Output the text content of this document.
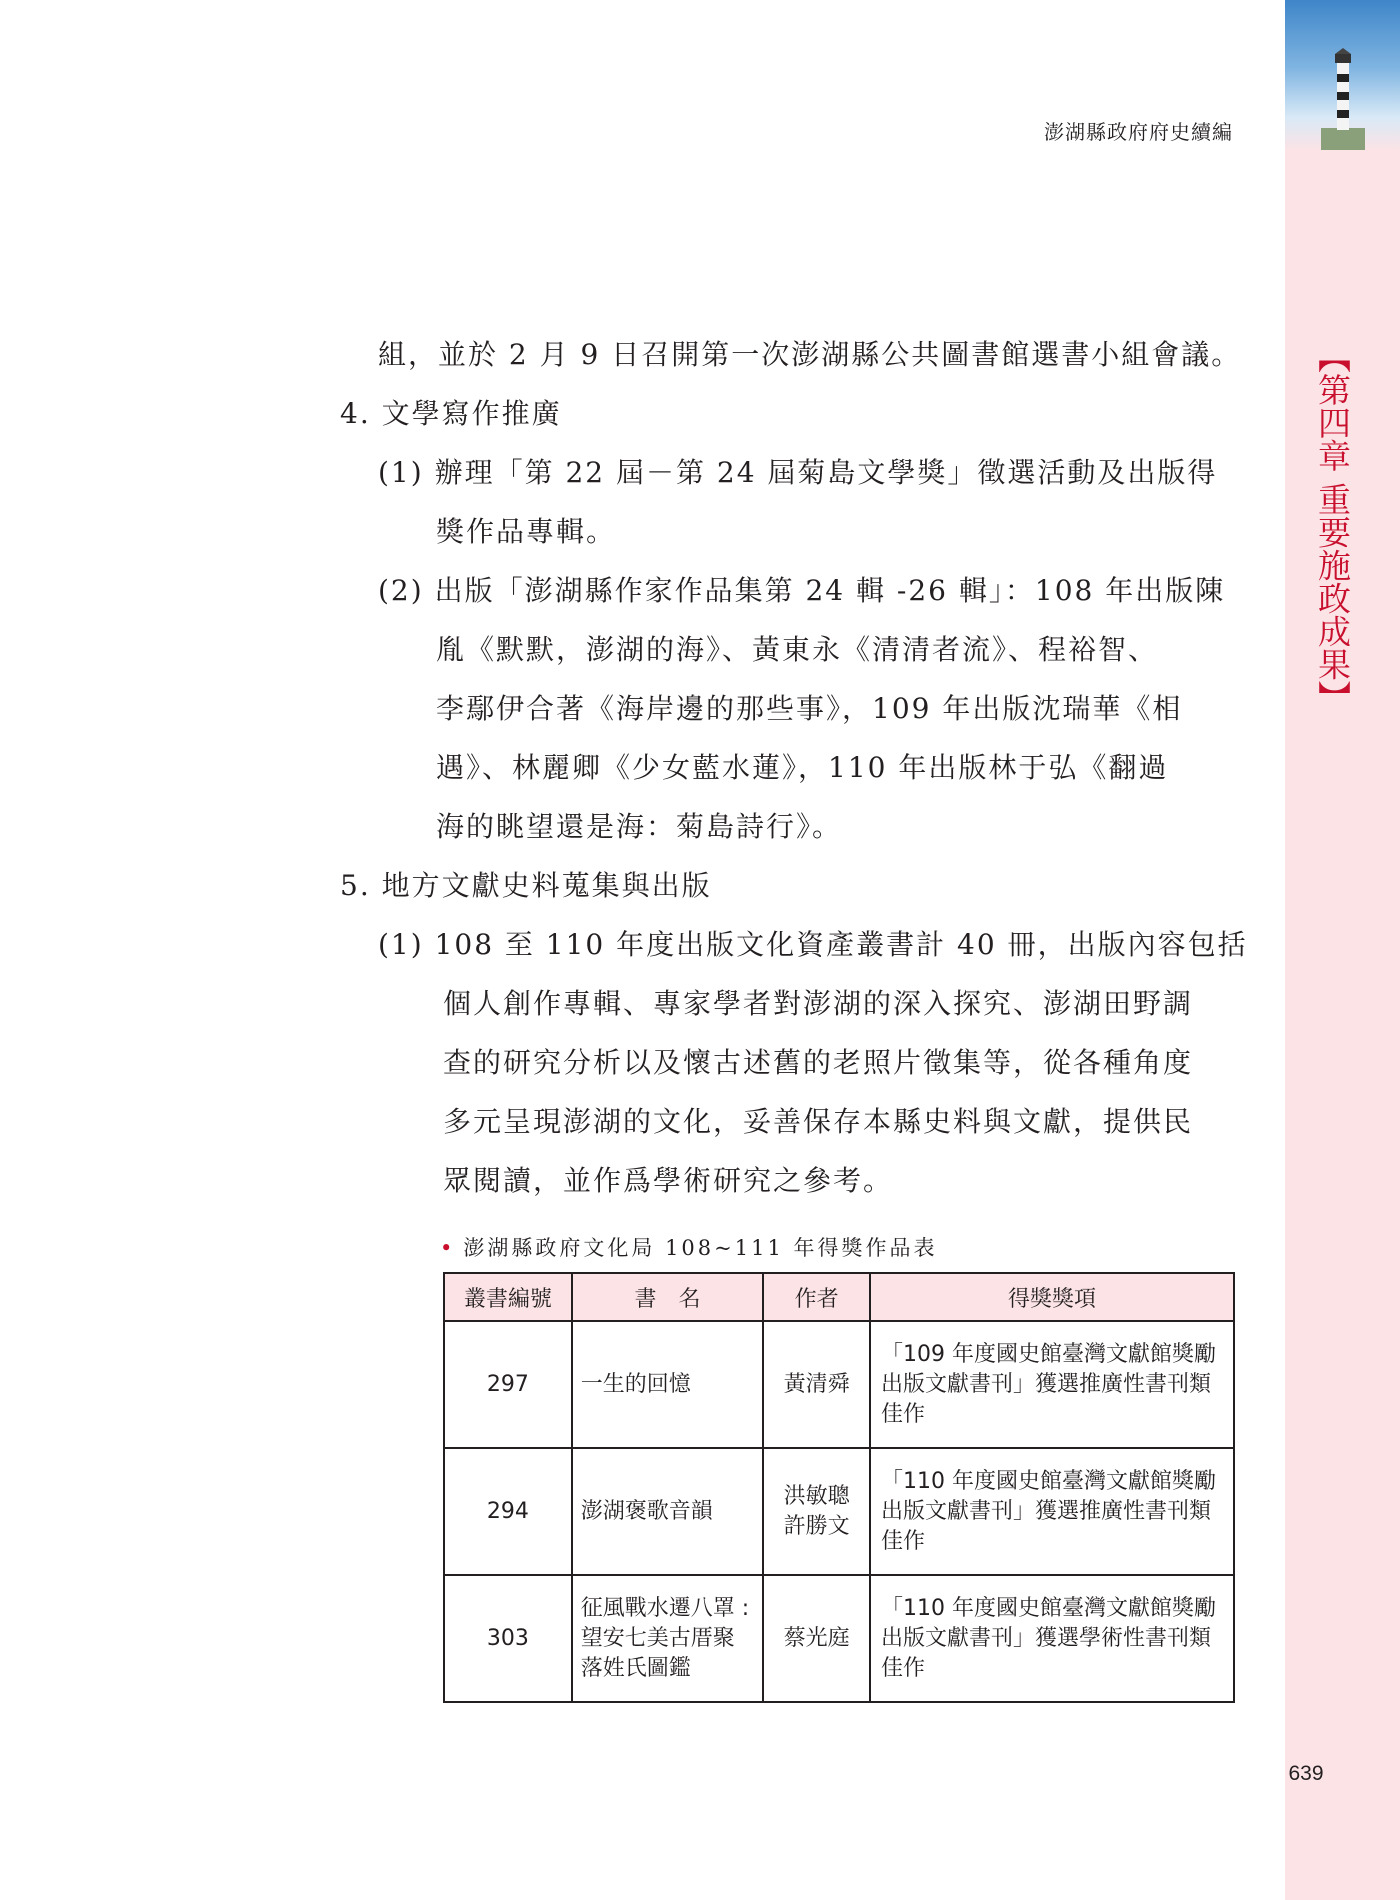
【第四章 重要施政成果】
澎湖縣政府府史續編
組，並於 2 月 9 日召開第一次澎湖縣公共圖書館選書小組會議。
4. 文學寫作推廣
(1) 辦理「第 22 屆－第 24 屆菊島文學獎」徵選活動及出版得
獎作品專輯。
(2) 出版「澎湖縣作家作品集第 24 輯 -26 輯」：108 年出版陳
胤《默默，澎湖的海》、黃東永《清清者流》、程裕智、
李鄢伊合著《海岸邊的那些事》，109 年出版沈瑞華《相
遇》、林麗卿《少女藍水蓮》，110 年出版林于弘《翻過
海的眺望還是海：菊島詩行》。
5. 地方文獻史料蒐集與出版
(1) 108 至 110 年度出版文化資產叢書計 40 冊，出版內容包括
個人創作專輯、專家學者對澎湖的深入探究、澎湖田野調
查的研究分析以及懷古述舊的老照片徵集等，從各種角度
多元呈現澎湖的文化，妥善保存本縣史料與文獻，提供民
眾閱讀，並作爲學術研究之參考。
• 澎湖縣政府文化局 108~111 年得獎作品表
叢書編號	書　名	作者	得獎獎項
297	一生的回憶	黃清舜	「109 年度國史館臺灣文獻館獎勵出版文獻書刊」獲選推廣性書刊類佳作
294	澎湖褒歌音韻	洪敏聰 許勝文	「110 年度國史館臺灣文獻館獎勵出版文獻書刊」獲選推廣性書刊類佳作
303	征風戰水遷八罩 : 望安七美古厝聚落姓氏圖鑑	蔡光庭	「110 年度國史館臺灣文獻館獎勵出版文獻書刊」獲選學術性書刊類佳作
639
